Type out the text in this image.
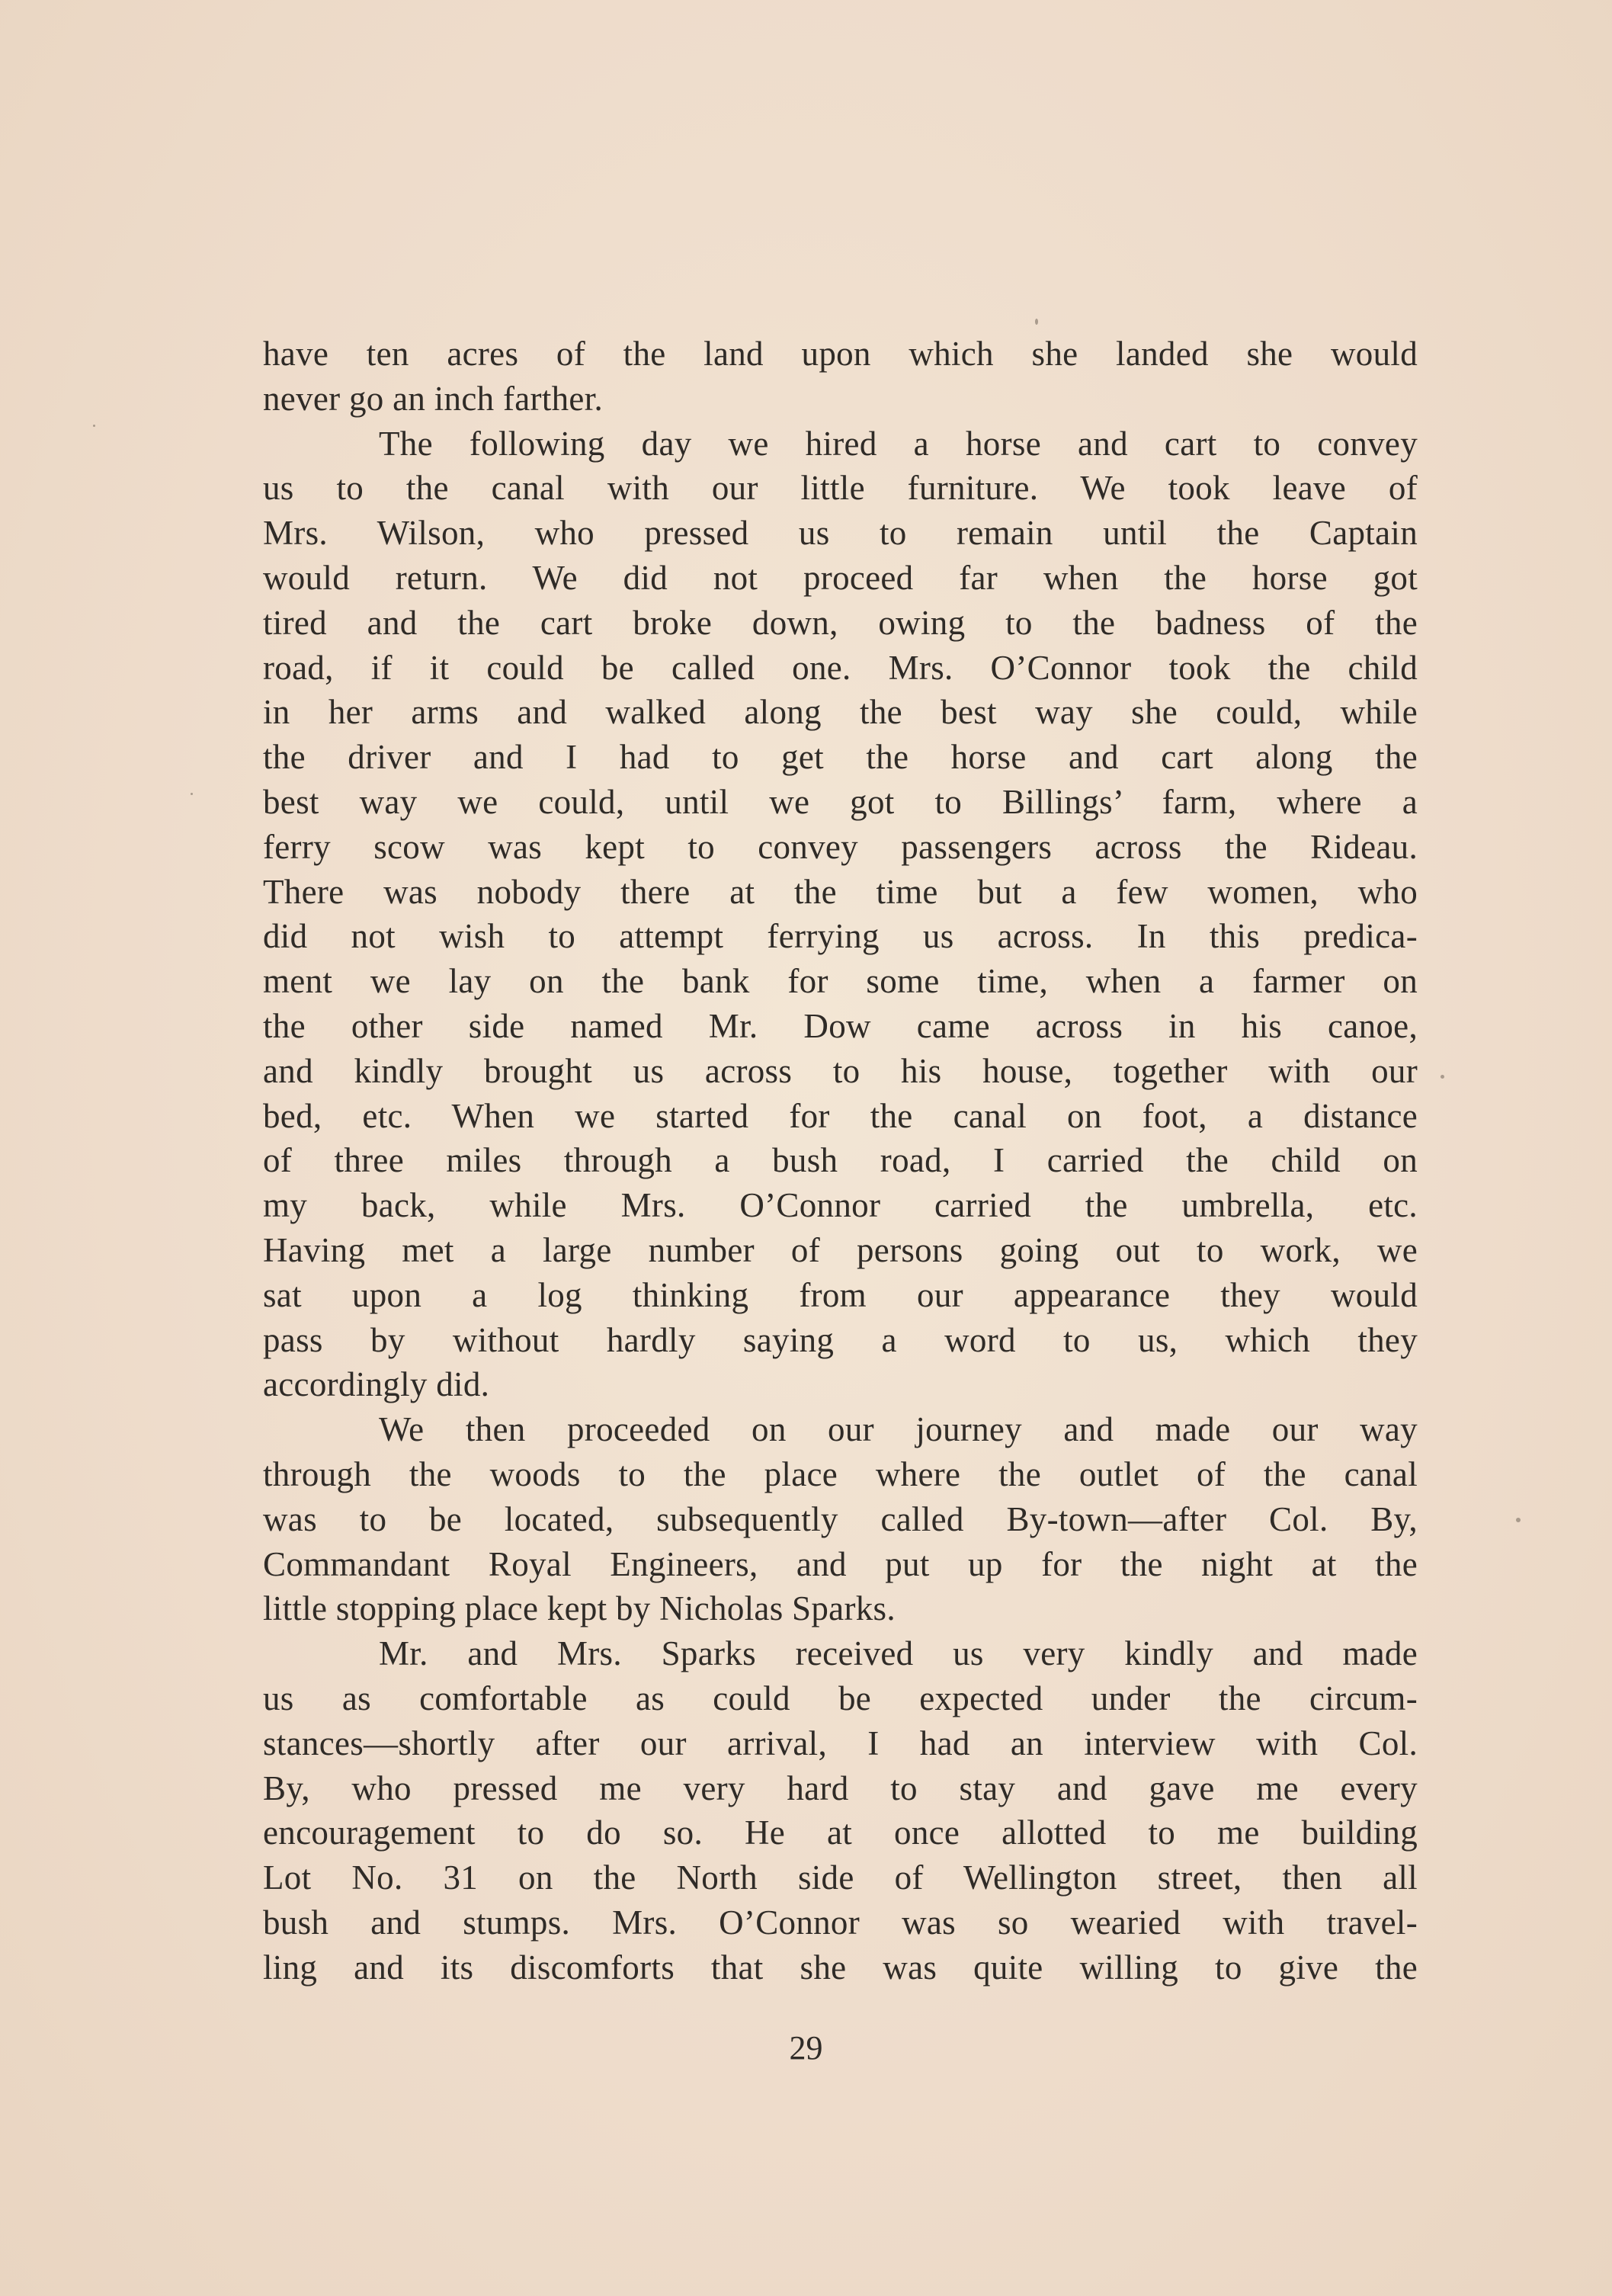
have ten acres of the land upon which she landed she would
never go an inch farther.
The following day we hired a horse and cart to convey
us to the canal with our little furniture. We took leave of
Mrs. Wilson, who pressed us to remain until the Captain
would return. We did not proceed far when the horse got
tired and the cart broke down, owing to the badness of the
road, if it could be called one. Mrs. O’Connor took the child
in her arms and walked along the best way she could, while
the driver and I had to get the horse and cart along the
best way we could, until we got to Billings’ farm, where a
ferry scow was kept to convey passengers across the Rideau.
There was nobody there at the time but a few women, who
did not wish to attempt ferrying us across. In this predica-
ment we lay on the bank for some time, when a farmer on
the other side named Mr. Dow came across in his canoe,
and kindly brought us across to his house, together with our
bed, etc. When we started for the canal on foot, a distance
of three miles through a bush road, I carried the child on
my back, while Mrs. O’Connor carried the umbrella, etc.
Having met a large number of persons going out to work, we
sat upon a log thinking from our appearance they would
pass by without hardly saying a word to us, which they
accordingly did.
We then proceeded on our journey and made our way
through the woods to the place where the outlet of the canal
was to be located, subsequently called By-town—after Col. By,
Commandant Royal Engineers, and put up for the night at the
little stopping place kept by Nicholas Sparks.
Mr. and Mrs. Sparks received us very kindly and made
us as comfortable as could be expected under the circum-
stances—shortly after our arrival, I had an interview with Col.
By, who pressed me very hard to stay and gave me every
encouragement to do so. He at once allotted to me building
Lot No. 31 on the North side of Wellington street, then all
bush and stumps. Mrs. O’Connor was so wearied with travel-
ling and its discomforts that she was quite willing to give the
29
